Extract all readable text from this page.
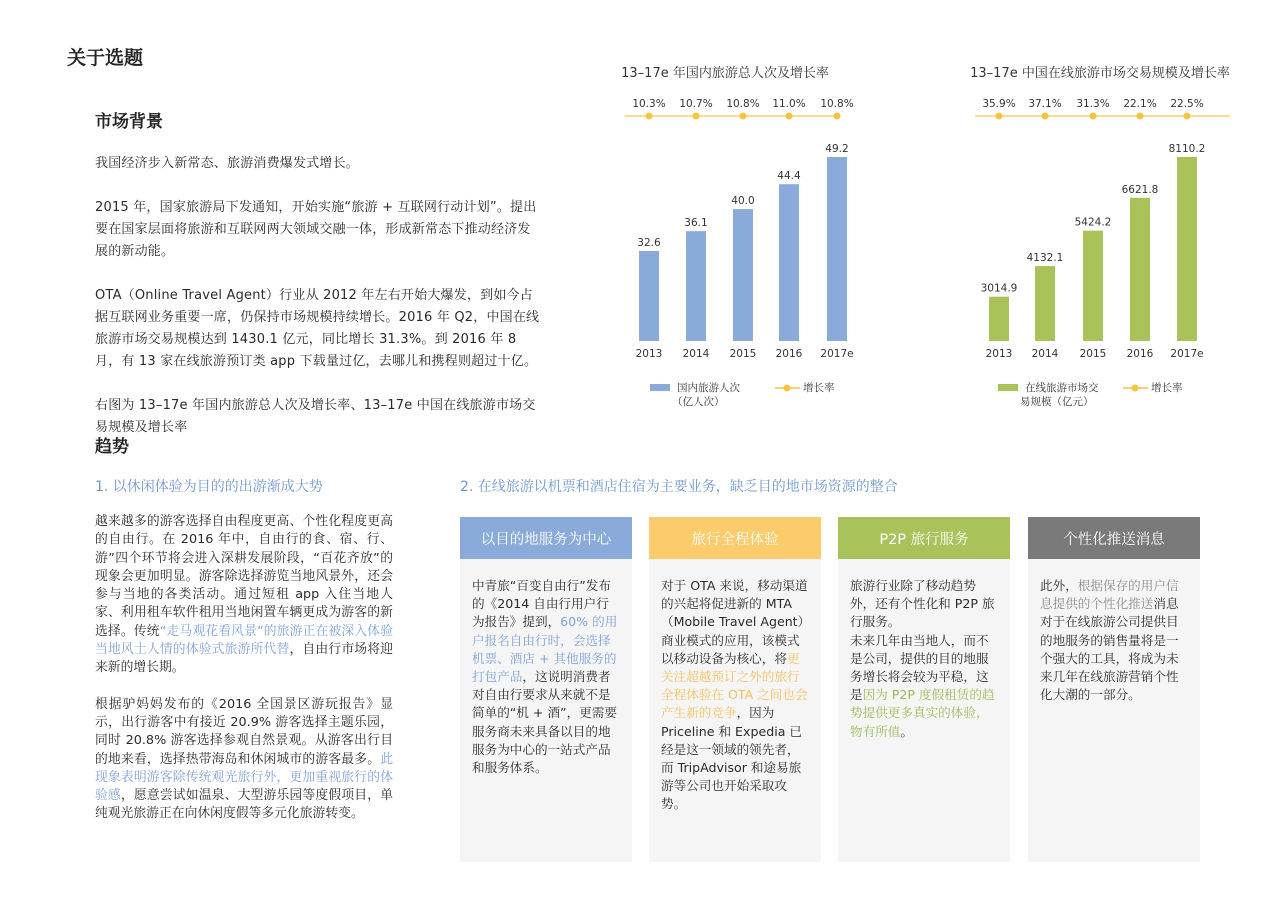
关于选题
市场背景

我国经济步入新常态、旅游消费爆发式增长。

2015 年，国家旅游局下发通知，开始实施“旅游 + 互联网行动计划”。提出要在国家层面将旅游和互联网两大领域交融一体，形成新常态下推动经济发展的新动能。

OTA（Online Travel Agent）行业从 2012 年左右开始大爆发，到如今占据互联网业务重要一席，仍保持市场规模持续增长。2016 年 Q2，中国在线旅游市场交易规模达到 1430.1 亿元，同比增长 31.3%。到 2016 年 8 月，有 13 家在线旅游预订类 app 下载量过亿，去哪儿和携程则超过十亿。

右图为 13–17e 年国内旅游总人次及增长率、13–17e 中国在线旅游市场交易规模及增长率

趋势
1. 以休闲体验为目的的出游渐成大势	2. 在线旅游以机票和酒店住宿为主要业务，缺乏目的地市场资源的整合

越来越多的游客选择自由程度更高、个性化程度更高的自由行。在 2016 年中，自由行的食、宿、行、游”四个环节将会进入深耕发展阶段，“百花齐放”的现象会更加明显。游客除选择游览当地风景外，还会参与当地的各类活动。通过短租 app 入住当地人家、利用租车软件租用当地闲置车辆更成为游客的新选择。传统“走马观花看风景”的旅游正在被深入体验当地风土人情的体验式旅游所代替，自由行市场将迎来新的增长期。

根据驴妈妈发布的《2016 全国景区游玩报告》显示，出行游客中有接近 20.9% 游客选择主题乐园，同时 20.8% 游客选择参观自然景观。从游客出行目的地来看，选择热带海岛和休闲城市的游客最多。此现象表明游客除传统观光旅行外，更加重视旅行的体验感，愿意尝试如温泉、大型游乐园等度假项目，单纯观光旅游正在向休闲度假等多元化旅游转变。

以目的地服务为中心
中青旅“百变自由行”发布的《2014 自由行用户行为报告》提到，60% 的用户报名自由行时，会选择机票、酒店 + 其他服务的打包产品，这说明消费者对自由行要求从来就不是简单的“机 + 酒”，更需要服务商未来具备以目的地服务为中心的一站式产品和服务体系。
旅行全程体验
对于 OTA 来说，移动渠道的兴起将促进新的 MTA（Mobile Travel Agent）商业模式的应用，该模式以移动设备为核心，将更关注超越预订之外的旅行全程体验在 OTA 之间也会产生新的竞争，因为 Priceline 和 Expedia 已经是这一领域的领先者，而 TripAdvisor 和途易旅游等公司也开始采取攻势。
P2P 旅行服务
旅游行业除了移动趋势外，还有个性化和 P2P 旅行服务。
未来几年由当地人，而不是公司，提供的目的地服务增长将会较为平稳，这是因为 P2P 度假租赁的趋势提供更多真实的体验，物有所值。
个性化推送消息
此外，根据保存的用户信息提供的个性化推送消息对于在线旅游公司提供目的地服务的销售量将是一个强大的工具，将成为未来几年在线旅游营销个性化大潮的一部分。
13–17e 年国内旅游总人次及增长率
10.3%
32.6
2013
10.7%
36.1
2014
10.8%
40.0
2015
11.0%
44.4
2016
10.8%
49.2
2017e
国内旅游人次
（亿人次）
增长率
13–17e 中国在线旅游市场交易规模及增长率
35.9%
3014.9
2013
37.1%
4132.1
2014
31.3%
5424.2
2015
22.1%
6621.8
2016
22.5%
8110.2
2017e
在线旅游市场交
易规模（亿元）
增长率
